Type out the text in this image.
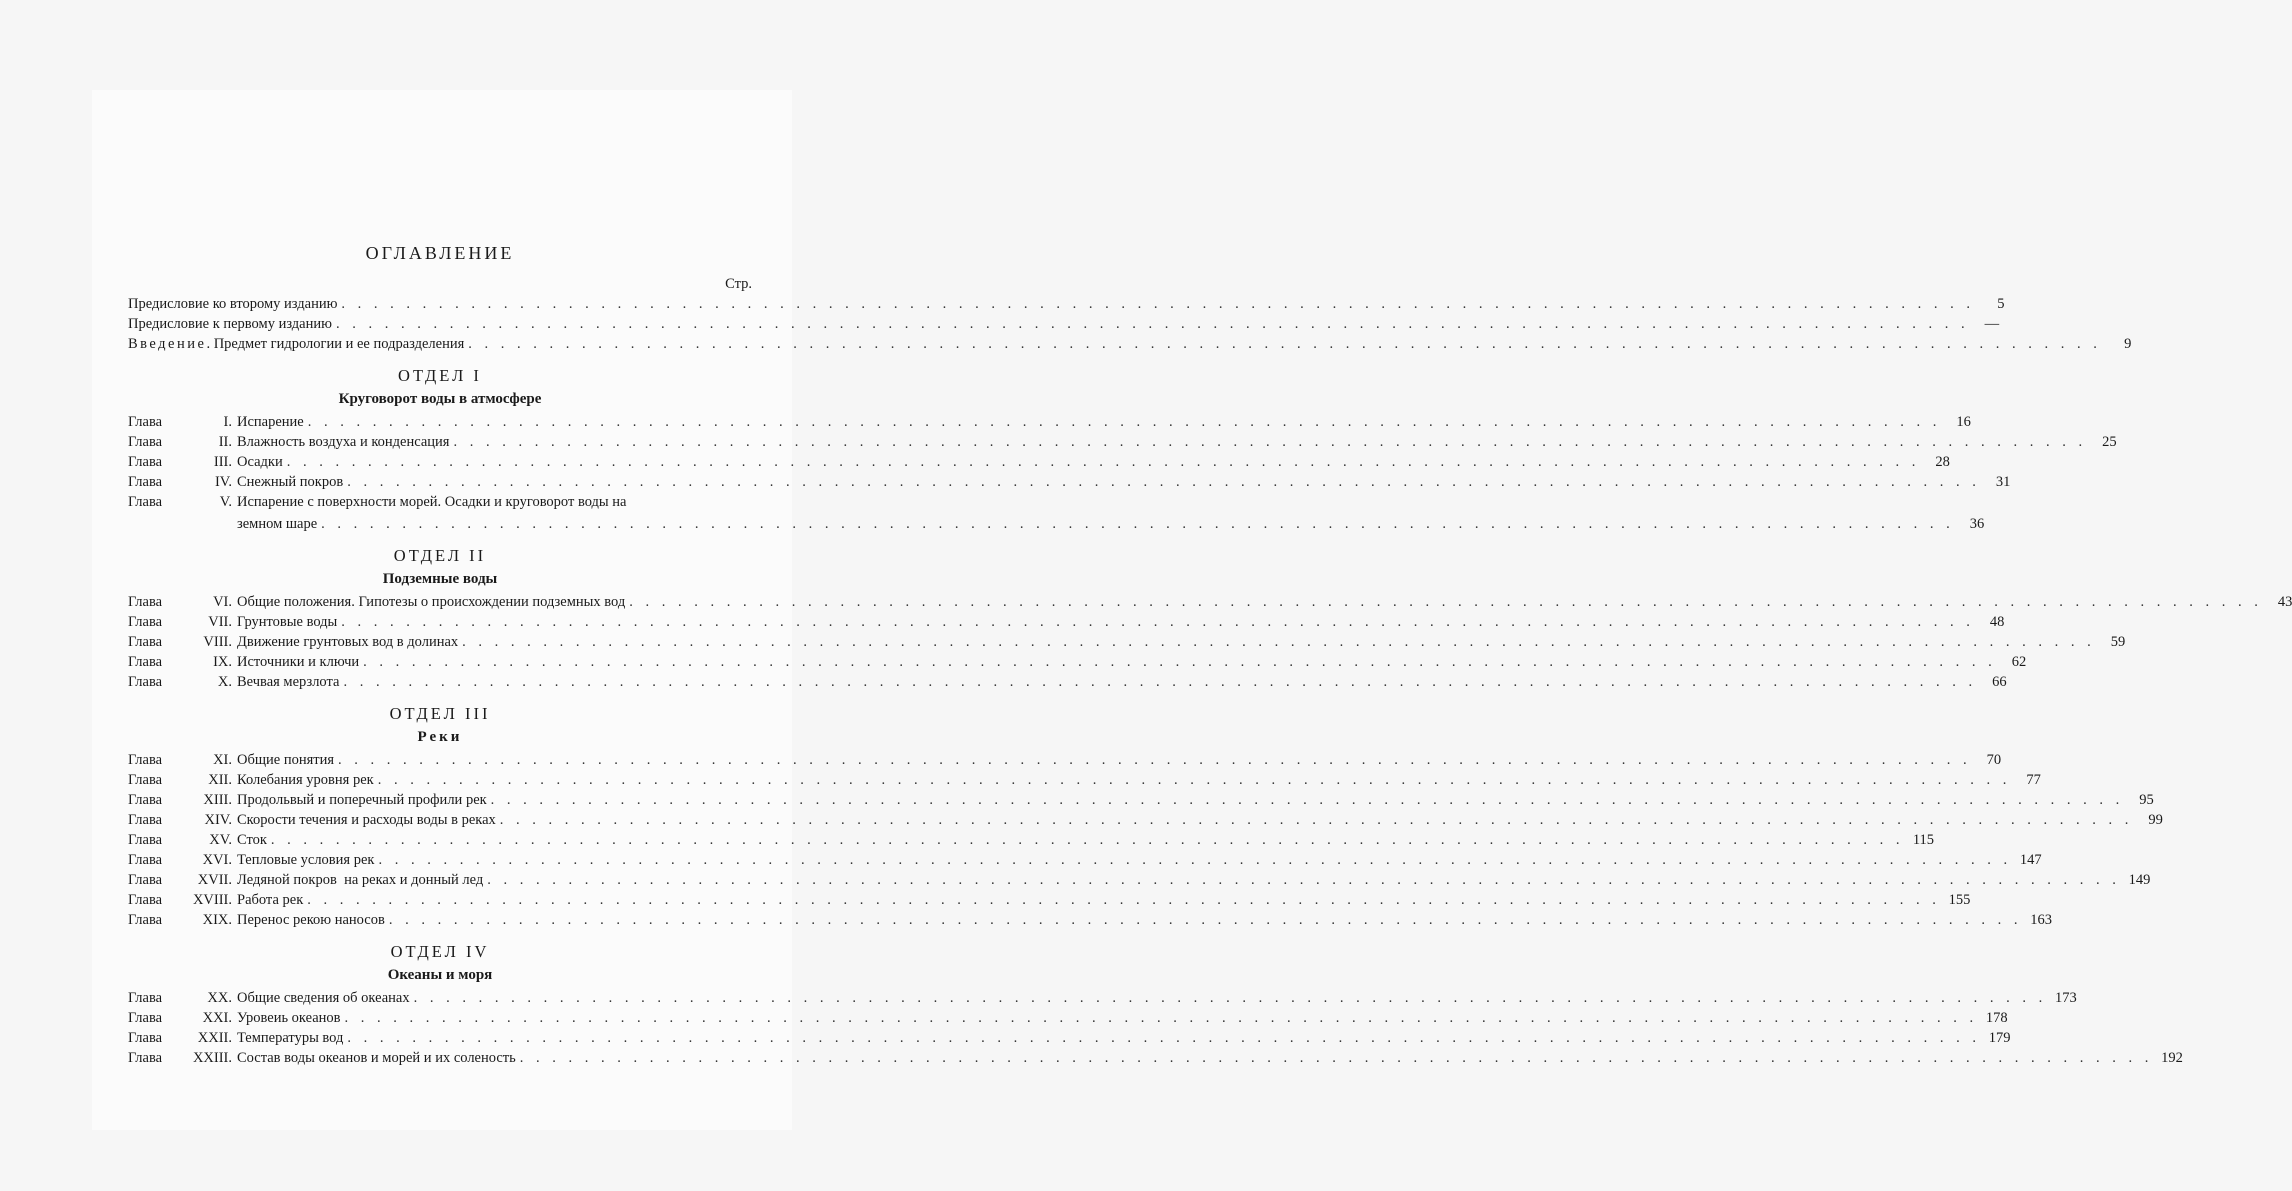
ОГЛАВЛЕНИЕ
Стр.
Предисловие ко второму изданию . . .	5
Предисловие к первому изданию . . .	—
Введение. Предмет гидрологии и ее подразделения . . .	9
ОТДЕЛ I
Круговорот воды в атмосфере
Глава	I. Испарение . . .	16
Глава	II. Влажность воздуха и конденсация . . .	25
Глава	III. Осадки . . .	28
Глава	IV. Снежный покров . . .	31
Глава	V. Испарение с поверхности морей. Осадки и круговорот воды на
земном шаре . . .	36
ОТДЕЛ II
Подземные воды
Глава	VI. Общие положения. Гипотезы о происхождении подземных вод . . .	43
Глава	VII. Грунтовые воды . . .	48
Глава	VIII. Движение грунтовых вод в долинах . . .	59
Глава	IX. Источники и ключи . . .	62
Глава	X. Вечвая мерзлота . . .	66
ОТДЕЛ III
Реки
Глава	XI. Общие понятия . . .	70
Глава	XII. Колебания уровня рек . . .	77
Глава	XIII. Продольвый и поперечный профили рек . . .	95
Глава	XIV. Скорости течения и расходы воды в реках . . .	99
Глава	XV. Сток . . .	115
Глава	XVI. Тепловые условия рек . . .	147
Глава	XVII. Ледяной покров  на реках и донный лед . . .	149
Глава	XVIII. Работа рек . . .	155
Глава	XIX. Перенос рекою наносов . . .	163
ОТДЕЛ IV
Океаны и моря
Глава	XX. Общие сведения об океанах . . .	173
Глава	XXI. Уровеиь океанов . . .	178
Глава	XXII. Температуры вод . . .	179
Глава	XXIII. Состав воды океанов и морей и их соленость . . .	192
